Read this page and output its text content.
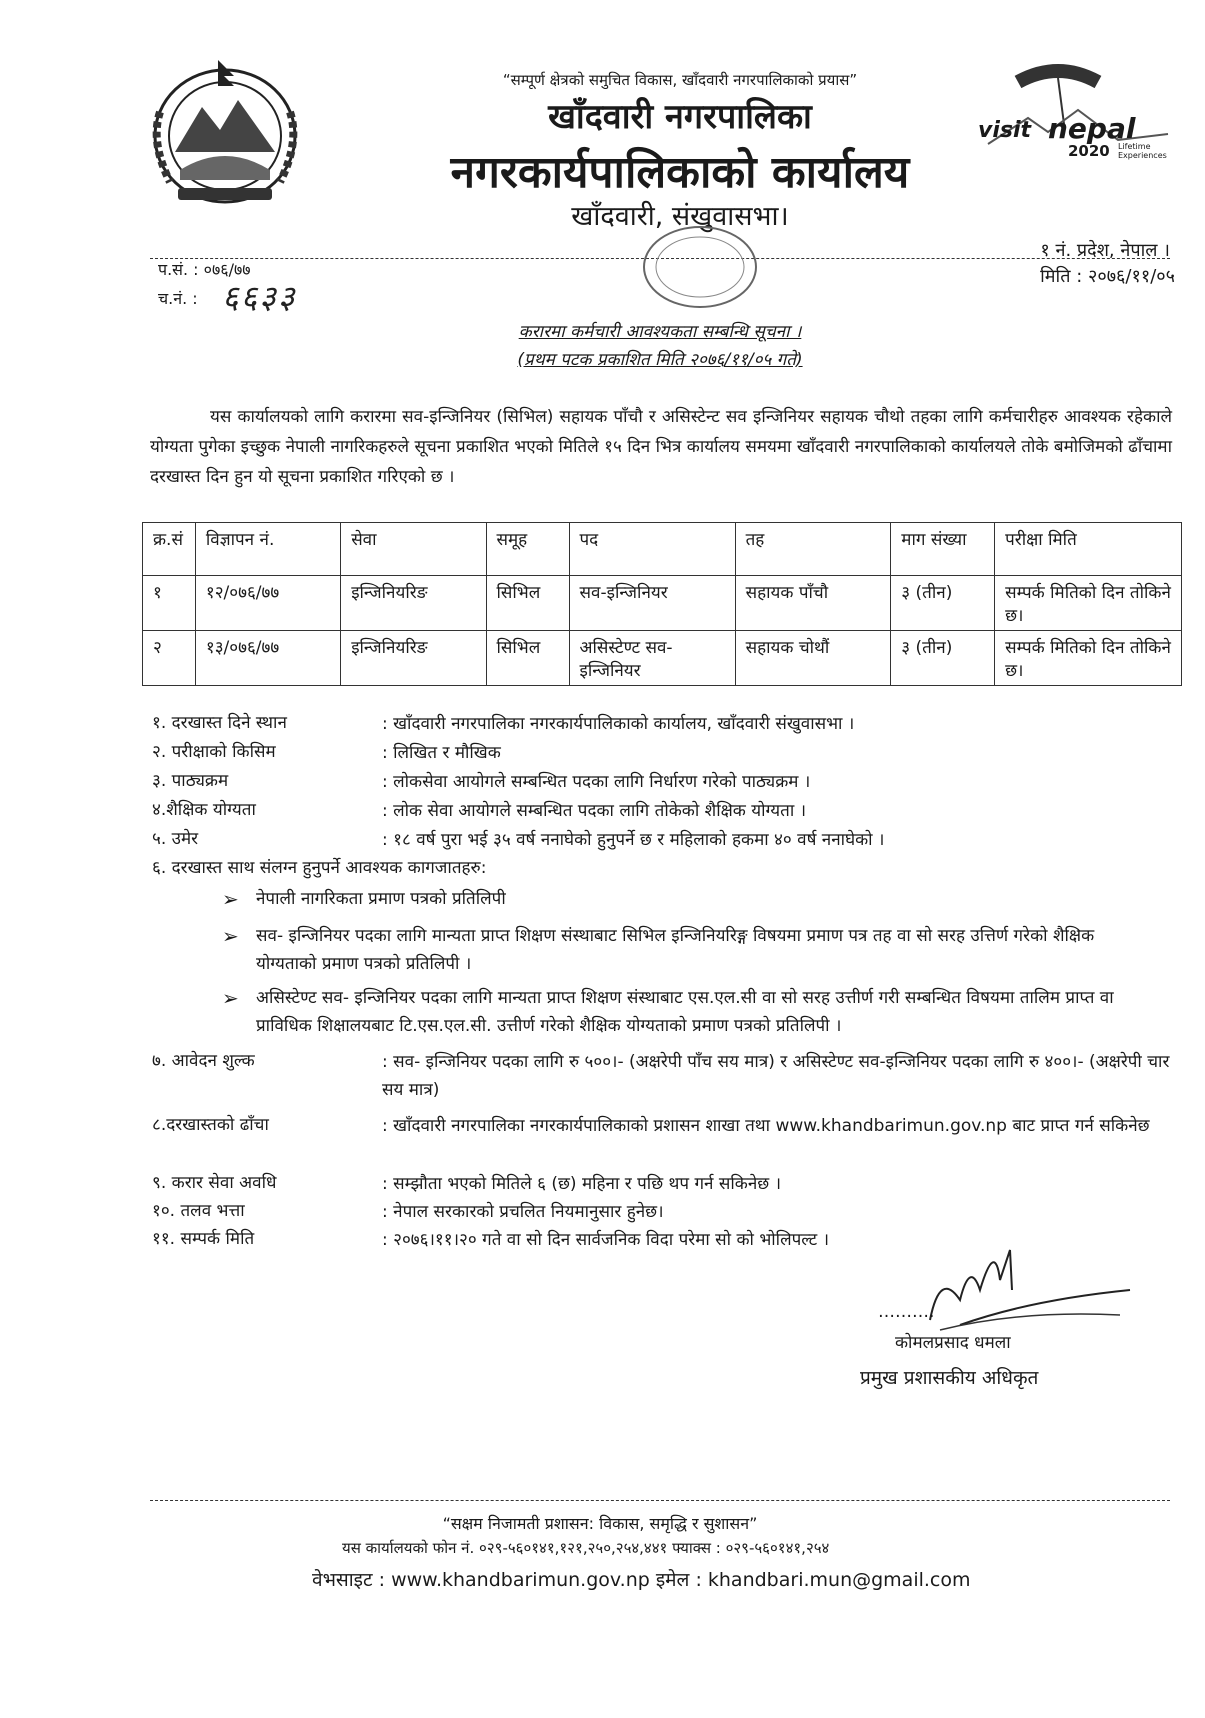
visit nepal
2020 Lifetime Experiences
“सम्पूर्ण क्षेत्रको समुचित विकास, खाँदवारी नगरपालिकाको प्रयास”
खाँदवारी नगरपालिका
नगरकार्यपालिकाको कार्यालय
खाँदवारी, संखुवासभा।
१ नं. प्रदेश, नेपाल ।
प.सं. : ०७६/७७
च.नं. : ६६३३
मिति : २०७६/११/०५
करारमा कर्मचारी आवश्यकता सम्बन्धि सूचना ।
(प्रथम पटक प्रकाशित मिति २०७६/११/०५ गते)
यस कार्यालयको लागि करारमा सव-इन्जिनियर (सिभिल) सहायक पाँचौ र असिस्टेन्ट सव इन्जिनियर सहायक चौथो तहका लागि कर्मचारीहरु आवश्यक रहेकाले योग्यता पुगेका इच्छुक नेपाली नागरिकहरुले सूचना प्रकाशित भएको मितिले १५ दिन भित्र कार्यालय समयमा खाँदवारी नगरपालिकाको कार्यालयले तोके बमोजिमको ढाँचामा दरखास्त दिन हुन यो सूचना प्रकाशित गरिएको छ ।
क्र.सं	विज्ञापन नं.	सेवा	समूह	पद	तह	माग संख्या	परीक्षा मिति
१	१२/०७६/७७	इन्जिनियरिङ	सिभिल	सव-इन्जिनियर	सहायक पाँचौ	३ (तीन)	सम्पर्क मितिको दिन तोकिने छ।
२	१३/०७६/७७	इन्जिनियरिङ	सिभिल	असिस्टेण्ट सव-इन्जिनियर	सहायक चोथौं	३ (तीन)	सम्पर्क मितिको दिन तोकिने छ।
१. दरखास्त दिने स्थान	: खाँदवारी नगरपालिका नगरकार्यपालिकाको कार्यालय, खाँदवारी संखुवासभा ।
२. परीक्षाको किसिम	: लिखित र मौखिक
३. पाठ्यक्रम	: लोकसेवा आयोगले सम्बन्धित पदका लागि निर्धारण गरेको पाठ्यक्रम ।
४.शैक्षिक योग्यता	: लोक सेवा आयोगले सम्बन्धित पदका लागि तोकेको शैक्षिक योग्यता ।
५. उमेर	: १८ वर्ष पुरा भई ३५ वर्ष ननाघेको हुनुपर्ने छ र महिलाको हकमा ४० वर्ष ननाघेको ।
६. दरखास्त साथ संलग्न हुनुपर्ने आवश्यक कागजातहरु:
➢ नेपाली नागरिकता प्रमाण पत्रको प्रतिलिपी
➢ सव- इन्जिनियर पदका लागि मान्यता प्राप्त शिक्षण संस्थाबाट सिभिल इन्जिनियरिङ्ग विषयमा प्रमाण पत्र तह वा सो सरह उत्तिर्ण गरेको शैक्षिक योग्यताको प्रमाण पत्रको प्रतिलिपी ।
➢ असिस्टेण्ट सव- इन्जिनियर पदका लागि मान्यता प्राप्त शिक्षण संस्थाबाट एस.एल.सी वा सो सरह उत्तीर्ण गरी सम्बन्धित विषयमा तालिम प्राप्त वा प्राविधिक शिक्षालयबाट टि.एस.एल.सी. उत्तीर्ण गरेको शैक्षिक योग्यताको प्रमाण पत्रको प्रतिलिपी ।
७. आवेदन शुल्क	: सव- इन्जिनियर पदका लागि रु ५००।- (अक्षरेपी पाँच सय मात्र) र असिस्टेण्ट सव-इन्जिनियर पदका लागि रु ४००।- (अक्षरेपी चार सय मात्र)
८.दरखास्तको ढाँचा	: खाँदवारी नगरपालिका नगरकार्यपालिकाको प्रशासन शाखा तथा www.khandbarimun.gov.np बाट प्राप्त गर्न सकिनेछ
९. करार सेवा अवधि	: सम्झौता भएको मितिले ६ (छ) महिना र पछि थप गर्न सकिनेछ ।
१०. तलव भत्ता	: नेपाल सरकारको प्रचलित नियमानुसार हुनेछ।
११. सम्पर्क मिति	: २०७६।११।२० गते वा सो दिन सार्वजनिक विदा परेमा सो को भोलिपल्ट ।
……….
कोमलप्रसाद धमला
प्रमुख प्रशासकीय अधिकृत
“सक्षम निजामती प्रशासन: विकास, समृद्धि र सुशासन”
यस कार्यालयको फोन नं. ०२९-५६०१४१,१२१,२५०,२५४,४४१ फ्याक्स : ०२९-५६०१४१,२५४
वेभसाइट : www.khandbarimun.gov.np इमेल : khandbari.mun@gmail.com
